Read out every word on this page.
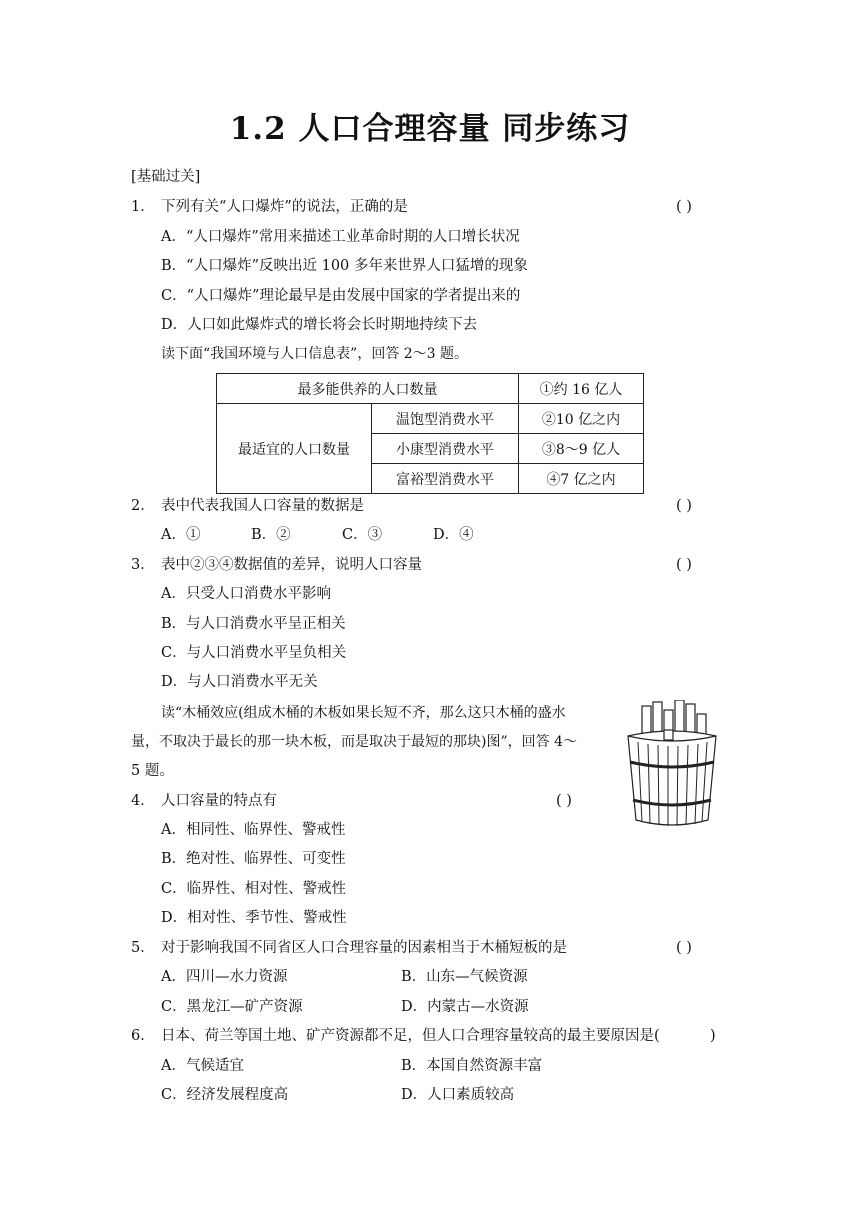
1.2 人口合理容量 同步练习
[基础过关]
1． 下列有关“人口爆炸”的说法，正确的是	( )
A．“人口爆炸”常用来描述工业革命时期的人口增长状况
B．“人口爆炸”反映出近 100 多年来世界人口猛增的现象
C．“人口爆炸”理论最早是由发展中国家的学者提出来的
D．人口如此爆炸式的增长将会长时期地持续下去
读下面“我国环境与人口信息表”，回答 2～3 题。
最多能供养的人口数量		①约 16 亿人
最适宜的人口数量	温饱型消费水平	②10 亿之内
	小康型消费水平	③8～9 亿人
	富裕型消费水平	④7 亿之内
2． 表中代表我国人口容量的数据是	( )
A．①	B．②	C．③	D．④
3． 表中②③④数据值的差异，说明人口容量	( )
A．只受人口消费水平影响
B．与人口消费水平呈正相关
C．与人口消费水平呈负相关
D．与人口消费水平无关
读“木桶效应(组成木桶的木板如果长短不齐，那么这只木桶的盛水
量，不取决于最长的那一块木板，而是取决于最短的那块)图”，回答 4～
5 题。
4． 人口容量的特点有	( )
A．相同性、临界性、警戒性
B．绝对性、临界性、可变性
C．临界性、相对性、警戒性
D．相对性、季节性、警戒性
5． 对于影响我国不同省区人口合理容量的因素相当于木桶短板的是	( )
A．四川—水力资源	B．山东—气候资源
C．黑龙江—矿产资源	D．内蒙古—水资源
6． 日本、荷兰等国土地、矿产资源都不足，但人口合理容量较高的最主要原因是(	)
A．气候适宜	B．本国自然资源丰富
C．经济发展程度高	D．人口素质较高
